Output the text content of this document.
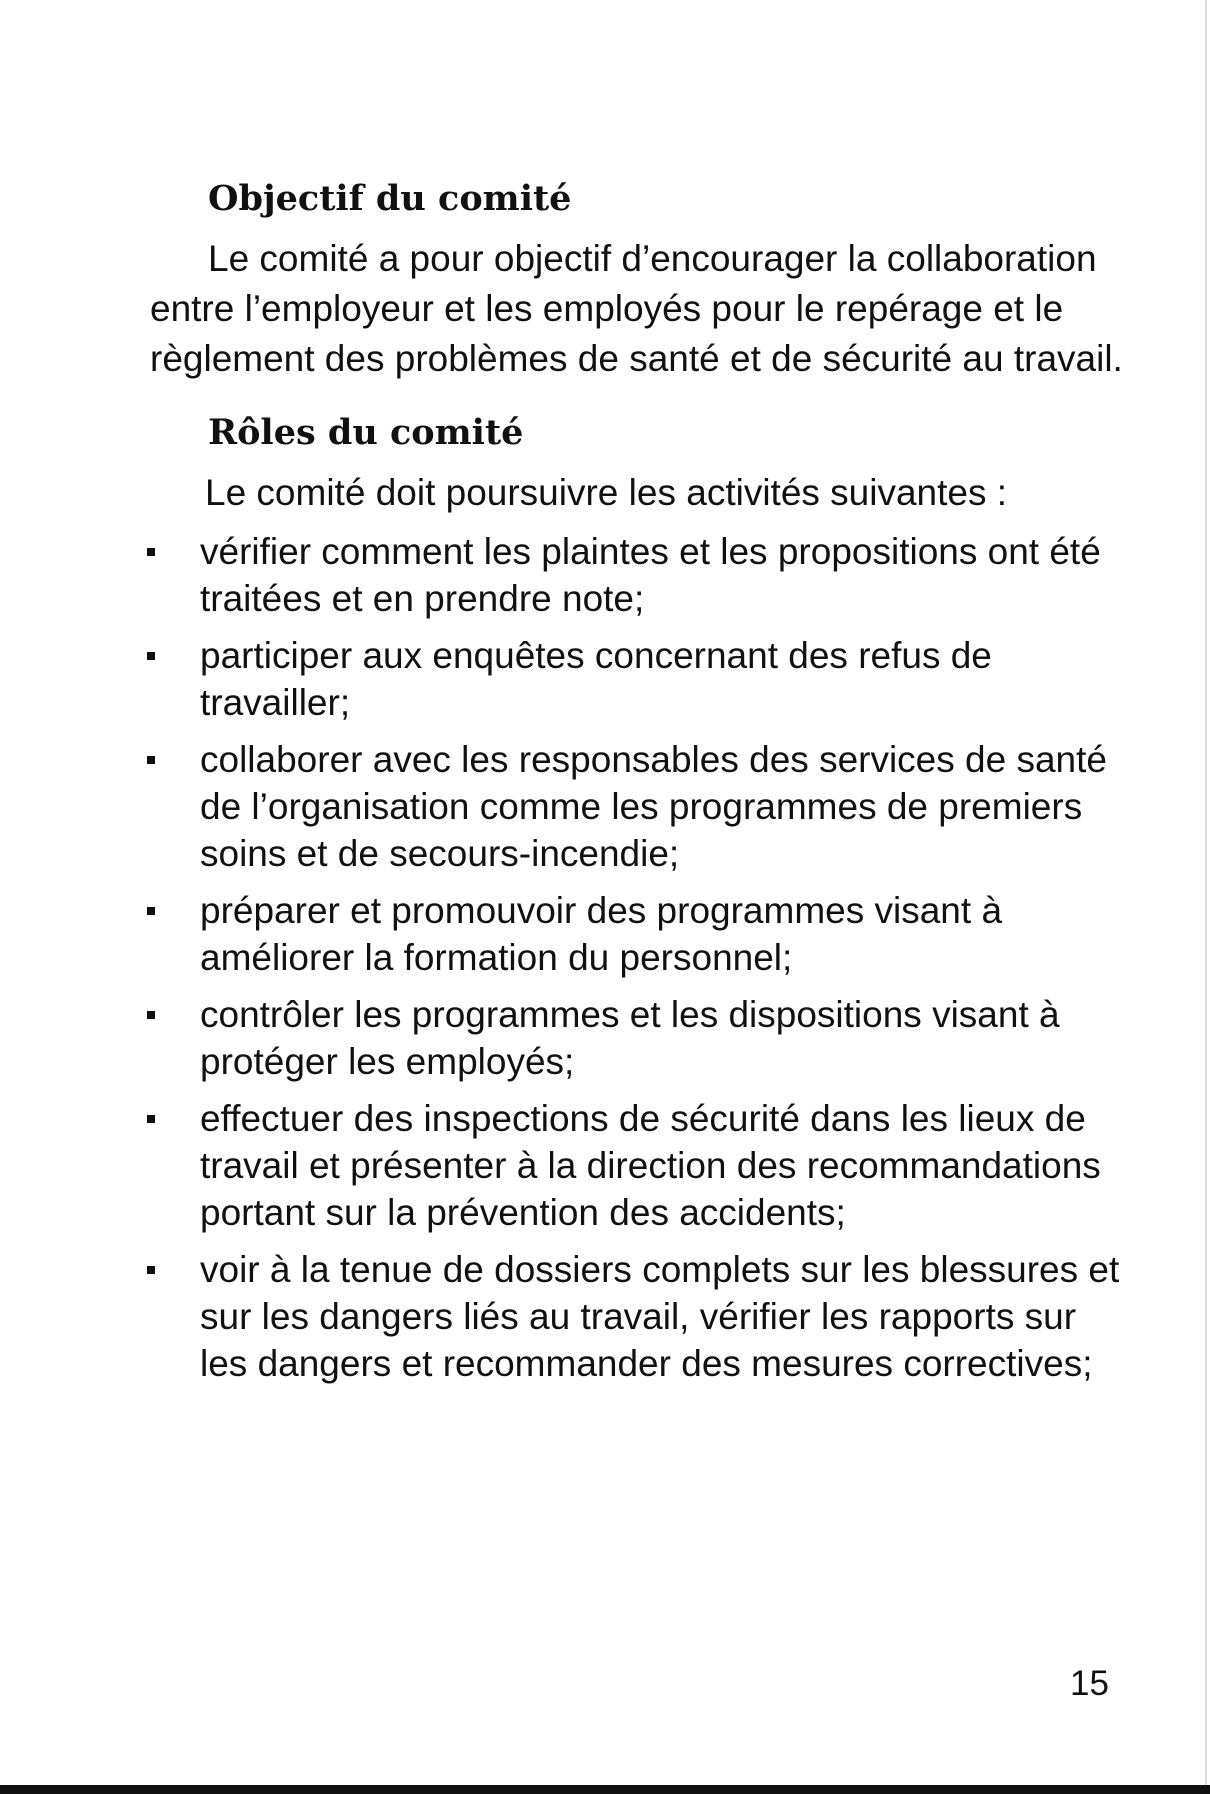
Objectif du comité

Le comité a pour objectif d’encourager la collaboration entre l’employeur et les employés pour le repérage et le règlement des problèmes de santé et de sécurité au travail.

Rôles du comité

Le comité doit poursuivre les activités suivantes :

vérifier comment les plaintes et les propositions ont été traitées et en prendre note;
participer aux enquêtes concernant des refus de travailler;
collaborer avec les responsables des services de santé de l’organisation comme les programmes de premiers soins et de secours-incendie;
préparer et promouvoir des programmes visant à améliorer la formation du personnel;
contrôler les programmes et les dispositions visant à protéger les employés;
effectuer des inspections de sécurité dans les lieux de travail et présenter à la direction des recommandations portant sur la prévention des accidents;
voir à la tenue de dossiers complets sur les blessures et sur les dangers liés au travail, vérifier les rapports sur les dangers et recommander des mesures correctives;
15
